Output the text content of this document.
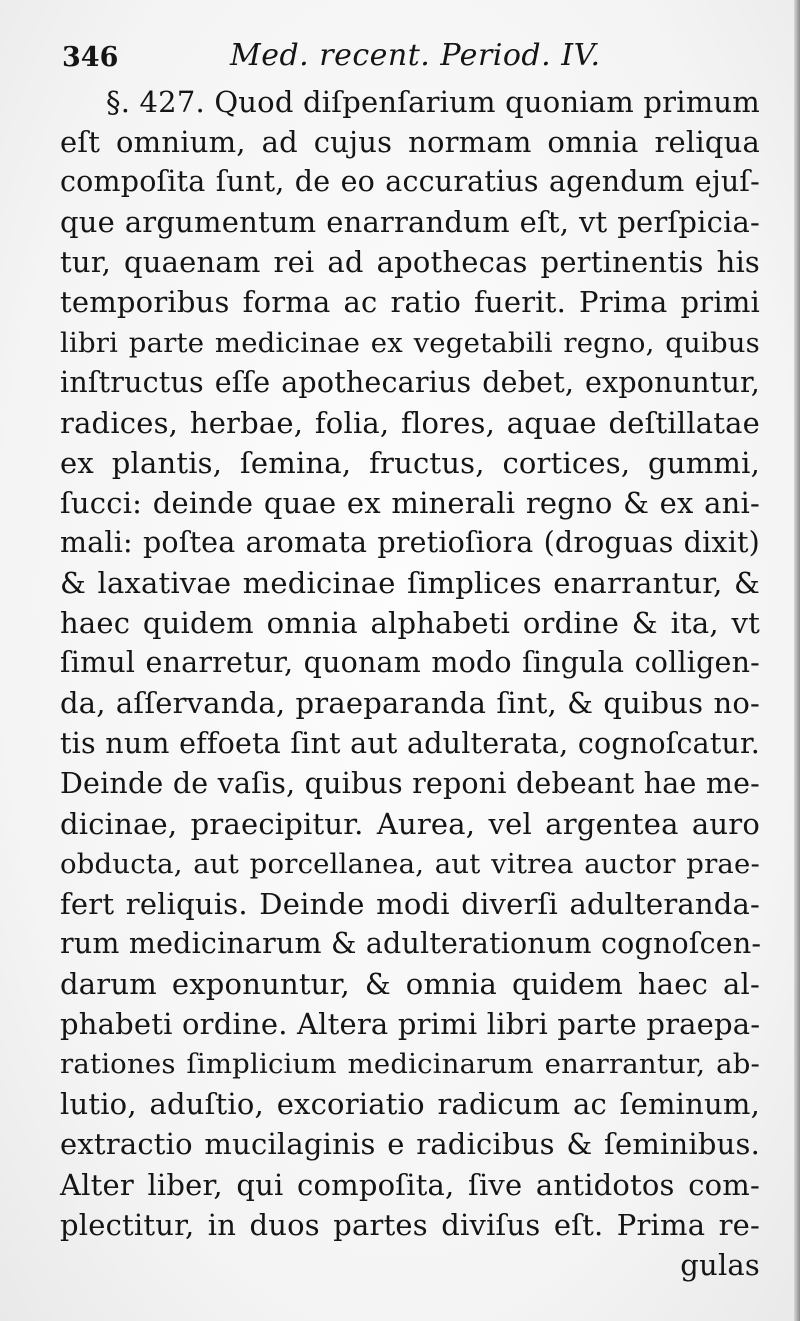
346	Med. recent. Period. IV.
§. 427. Quod diſpenſarium quoniam primum
eſt omnium, ad cujus normam omnia reliqua
compoſita ſunt, de eo accuratius agendum ejuſ-
que argumentum enarrandum eſt, vt perſpicia-
tur, quaenam rei ad apothecas pertinentis his
temporibus forma ac ratio fuerit. Prima primi
libri parte medicinae ex vegetabili regno, quibus
inſtructus eſſe apothecarius debet, exponuntur,
radices, herbae, folia, flores, aquae deſtillatae
ex plantis, ſemina, fructus, cortices, gummi,
ſucci: deinde quae ex minerali regno & ex ani-
mali: poſtea aromata pretioſiora (droguas dixit)
& laxativae medicinae ſimplices enarrantur, &
haec quidem omnia alphabeti ordine & ita, vt
ſimul enarretur, quonam modo ſingula colligen-
da, aſſervanda, praeparanda ſint, & quibus no-
tis num effoeta ſint aut adulterata, cognoſcatur.
Deinde de vaſis, quibus reponi debeant hae me-
dicinae, praecipitur. Aurea, vel argentea auro
obducta, aut porcellanea, aut vitrea auctor prae-
fert reliquis. Deinde modi diverſi adulteranda-
rum medicinarum & adulterationum cognoſcen-
darum exponuntur, & omnia quidem haec al-
phabeti ordine. Altera primi libri parte praepa-
rationes ſimplicium medicinarum enarrantur, ab-
lutio, aduſtio, excoriatio radicum ac ſeminum,
extractio mucilaginis e radicibus & ſeminibus.
Alter liber, qui compoſita, ſive antidotos com-
plectitur, in duos partes diviſus eſt. Prima re-
gulas
